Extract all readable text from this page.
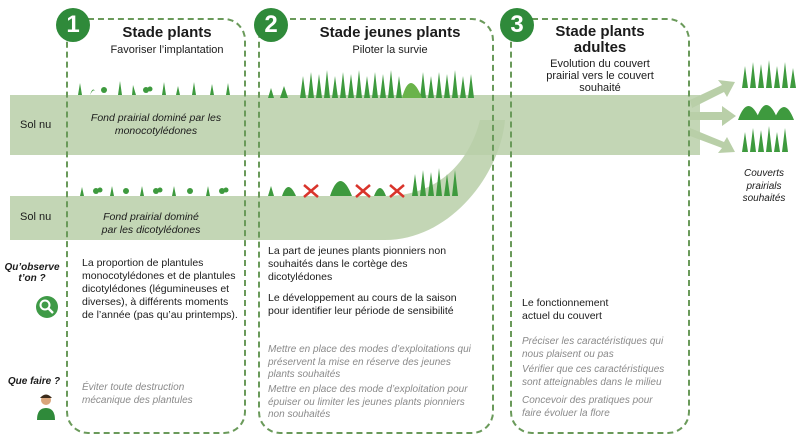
1	2	3
Stade plants
Favoriser l’implantation
Stade jeunes plants
Piloter la survie
Stade plants adultes
Evolution du couvert prairial vers le couvert souhaité
Sol nu
Fond prairial dominé par les monocotylédones
Sol nu	Fond prairial dominé par les dicotylédones
Couverts prairials souhaités
Qu’observe t’on ?
Que faire ?
La proportion de plantules monocotylédones et de plantules dicotylédones (légumineuses et diverses), à différents moments de l’année (pas qu’au printemps).
La part de jeunes plants pionniers non souhaités dans le cortège des dicotylédones
Le développement au cours de la saison pour identifier leur période de sensibilité
Le fonctionnement actuel du couvert
Éviter toute destruction mécanique des plantules
Mettre en place des modes d’exploitations qui préservent la mise en réserve des jeunes plants souhaités
Mettre en place des mode d’exploitation pour épuiser ou limiter les jeunes plants pionniers non souhaités
Préciser les caractéristiques qui nous plaisent ou pas
Vérifier que ces caractéristiques sont atteignables dans le milieu
Concevoir des pratiques pour faire évoluer la flore
